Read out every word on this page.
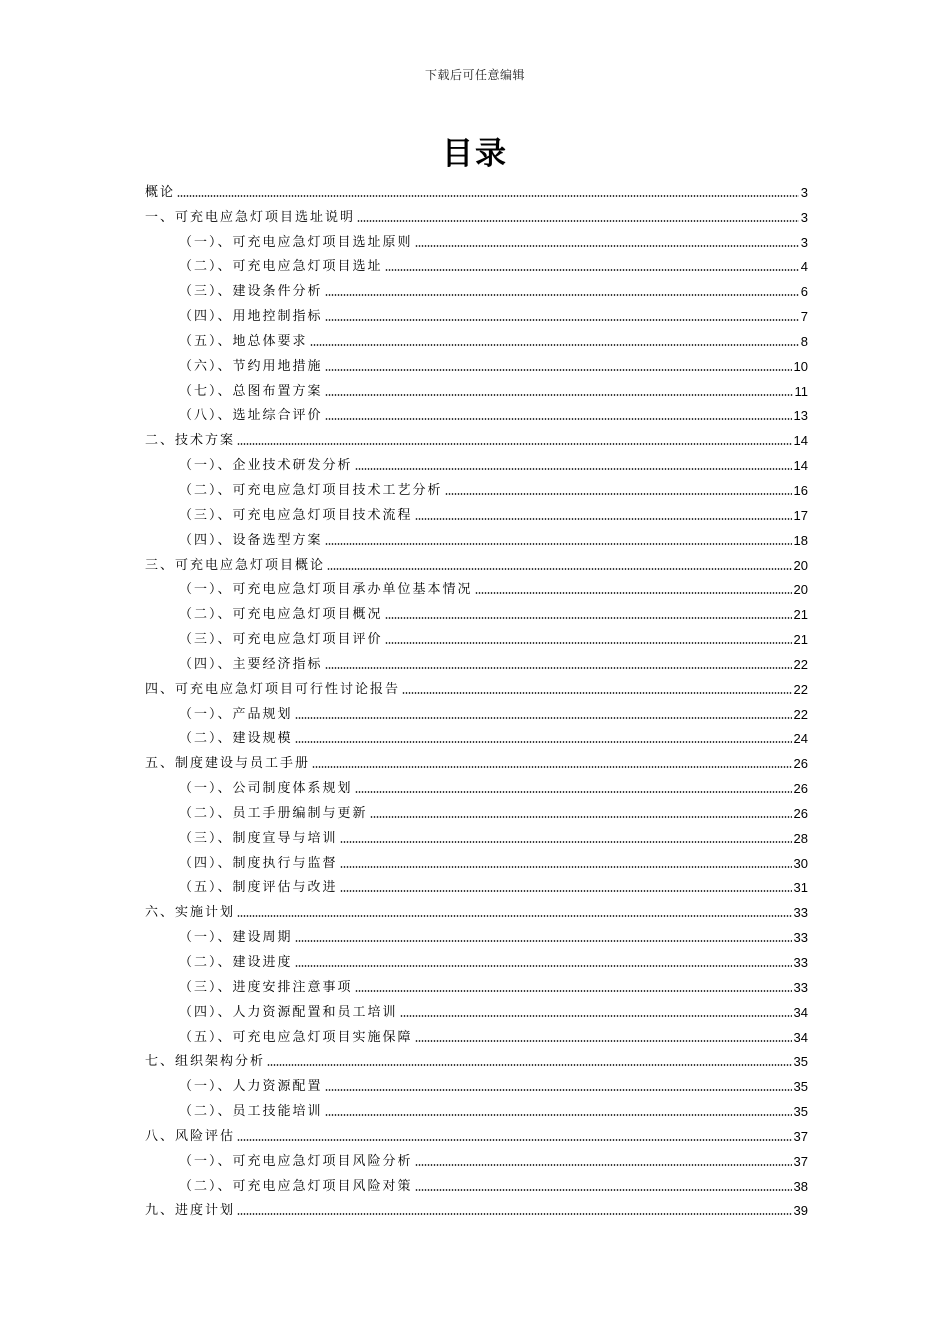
下载后可任意编辑
目录
概论	3
一、可充电应急灯项目选址说明	3
（一）、可充电应急灯项目选址原则	3
（二）、可充电应急灯项目选址	4
（三）、建设条件分析	6
（四）、用地控制指标	7
（五）、地总体要求	8
（六）、节约用地措施	10
（七）、总图布置方案	11
（八）、选址综合评价	13
二、技术方案	14
（一）、企业技术研发分析	14
（二）、可充电应急灯项目技术工艺分析	16
（三）、可充电应急灯项目技术流程	17
（四）、设备选型方案	18
三、可充电应急灯项目概论	20
（一）、可充电应急灯项目承办单位基本情况	20
（二）、可充电应急灯项目概况	21
（三）、可充电应急灯项目评价	21
（四）、主要经济指标	22
四、可充电应急灯项目可行性讨论报告	22
（一）、产品规划	22
（二）、建设规模	24
五、制度建设与员工手册	26
（一）、公司制度体系规划	26
（二）、员工手册编制与更新	26
（三）、制度宣导与培训	28
（四）、制度执行与监督	30
（五）、制度评估与改进	31
六、实施计划	33
（一）、建设周期	33
（二）、建设进度	33
（三）、进度安排注意事项	33
（四）、人力资源配置和员工培训	34
（五）、可充电应急灯项目实施保障	34
七、组织架构分析	35
（一）、人力资源配置	35
（二）、员工技能培训	35
八、风险评估	37
（一）、可充电应急灯项目风险分析	37
（二）、可充电应急灯项目风险对策	38
九、进度计划	39
